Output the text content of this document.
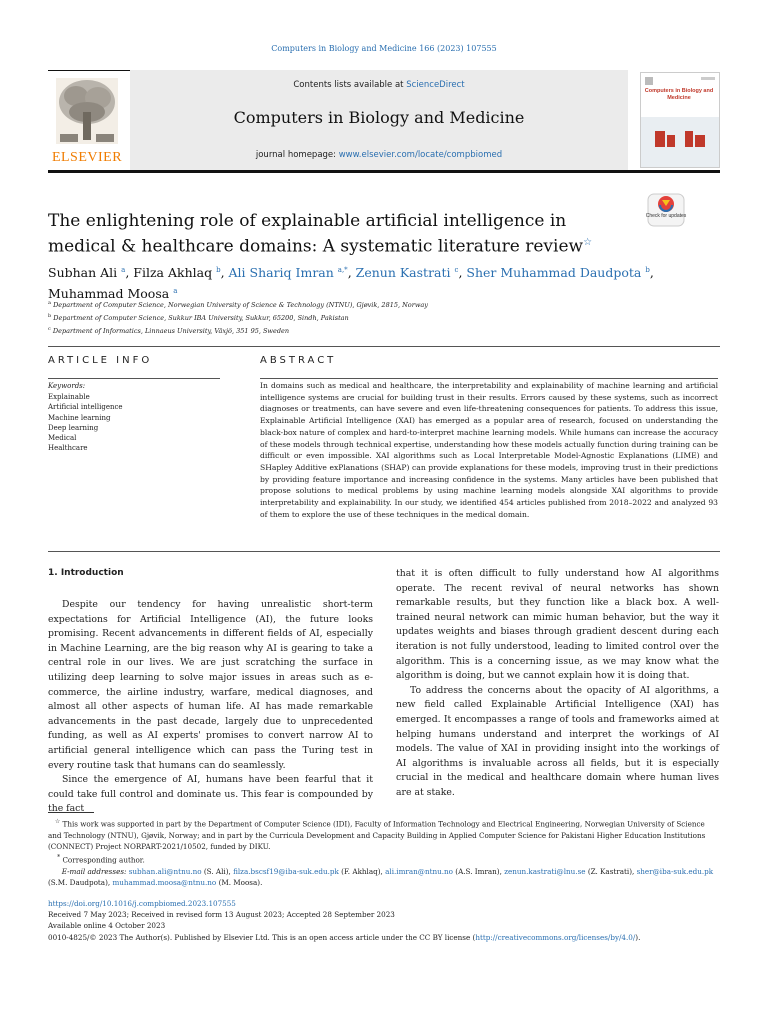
Computers in Biology and Medicine 166 (2023) 107555
Contents lists available at ScienceDirect
Computers in Biology and Medicine
journal homepage: www.elsevier.com/locate/compbiomed
ELSEVIER
Computers in Biology and Medicine
Check for updates
The enlightening role of explainable artificial intelligence in medical & healthcare domains: A systematic literature review☆
Subhan Ali $^a$, Filza Akhlaq $^b$, Ali Shariq Imran $^{a,*}$, Zenun Kastrati $^c$, Sher Muhammad Daudpota $^b$,
Muhammad Moosa $^a$
$^a$ Department of Computer Science, Norwegian University of Science & Technology (NTNU), Gjøvik, 2815, Norway
$^b$ Department of Computer Science, Sukkur IBA University, Sukkur, 65200, Sindh, Pakistan
$^c$ Department of Informatics, Linnaeus University, Växjö, 351 95, Sweden
ARTICLE INFO	ABSTRACT
Keywords:
Explainable
Artificial intelligence
Machine learning
Deep learning
Medical
Healthcare
In domains such as medical and healthcare, the interpretability and explainability of machine learning and artificial intelligence systems are crucial for building trust in their results. Errors caused by these systems, such as incorrect diagnoses or treatments, can have severe and even life-threatening consequences for patients. To address this issue, Explainable Artificial Intelligence (XAI) has emerged as a popular area of research, focused on understanding the black-box nature of complex and hard-to-interpret machine learning models. While humans can increase the accuracy of these models through technical expertise, understanding how these models actually function during training can be difficult or even impossible. XAI algorithms such as Local Interpretable Model-Agnostic Explanations (LIME) and SHapley Additive exPlanations (SHAP) can provide explanations for these models, improving trust in their predictions by providing feature importance and increasing confidence in the systems. Many articles have been published that propose solutions to medical problems by using machine learning models alongside XAI algorithms to provide interpretability and explainability. In our study, we identified 454 articles published from 2018–2022 and analyzed 93 of them to explore the use of these techniques in the medical domain.
1. Introduction

Despite our tendency for having unrealistic short-term expectations for Artificial Intelligence (AI), the future looks promising. Recent advancements in different fields of AI, especially in Machine Learning, are the big reason why AI is gearing to take a central role in our lives. We are just scratching the surface in utilizing deep learning to solve major issues in areas such as e-commerce, the airline industry, warfare, medical diagnoses, and almost all other aspects of human life. AI has made remarkable advancements in the past decade, largely due to unprecedented funding, as well as AI experts' promises to convert narrow AI to artificial general intelligence which can pass the Turing test in every routine task that humans can do seamlessly.

Since the emergence of AI, humans have been fearful that it could take full control and dominate us. This fear is compounded by the fact

that it is often difficult to fully understand how AI algorithms operate. The recent revival of neural networks has shown remarkable results, but they function like a black box. A well-trained neural network can mimic human behavior, but the way it updates weights and biases through gradient descent during each iteration is not fully understood, leading to limited control over the algorithm. This is a concerning issue, as we may know what the algorithm is doing, but we cannot explain how it is doing that.

To address the concerns about the opacity of AI algorithms, a new field called Explainable Artificial Intelligence (XAI) has emerged. It encompasses a range of tools and frameworks aimed at helping humans understand and interpret the workings of AI models. The value of XAI in providing insight into the workings of AI algorithms is invaluable across all fields, but it is especially crucial in the medical and healthcare domain where human lives are at stake.

☆ This work was supported in part by the Department of Computer Science (IDI), Faculty of Information Technology and Electrical Engineering, Norwegian University of Science and Technology (NTNU), Gjøvik, Norway; and in part by the Curricula Development and Capacity Building in Applied Computer Science for Pakistani Higher Education Institutions (CONNECT) Project NORPART-2021/10502, funded by DIKU.

* Corresponding author.

E-mail addresses: subhan.ali@ntnu.no (S. Ali), filza.bscsf19@iba-suk.edu.pk (F. Akhlaq), ali.imran@ntnu.no (A.S. Imran), zenun.kastrati@lnu.se (Z. Kastrati), sher@iba-suk.edu.pk (S.M. Daudpota), muhammad.moosa@ntnu.no (M. Moosa).

https://doi.org/10.1016/j.compbiomed.2023.107555

Received 7 May 2023; Received in revised form 13 August 2023; Accepted 28 September 2023

Available online 4 October 2023

0010-4825/© 2023 The Author(s). Published by Elsevier Ltd. This is an open access article under the CC BY license (http://creativecommons.org/licenses/by/4.0/).
